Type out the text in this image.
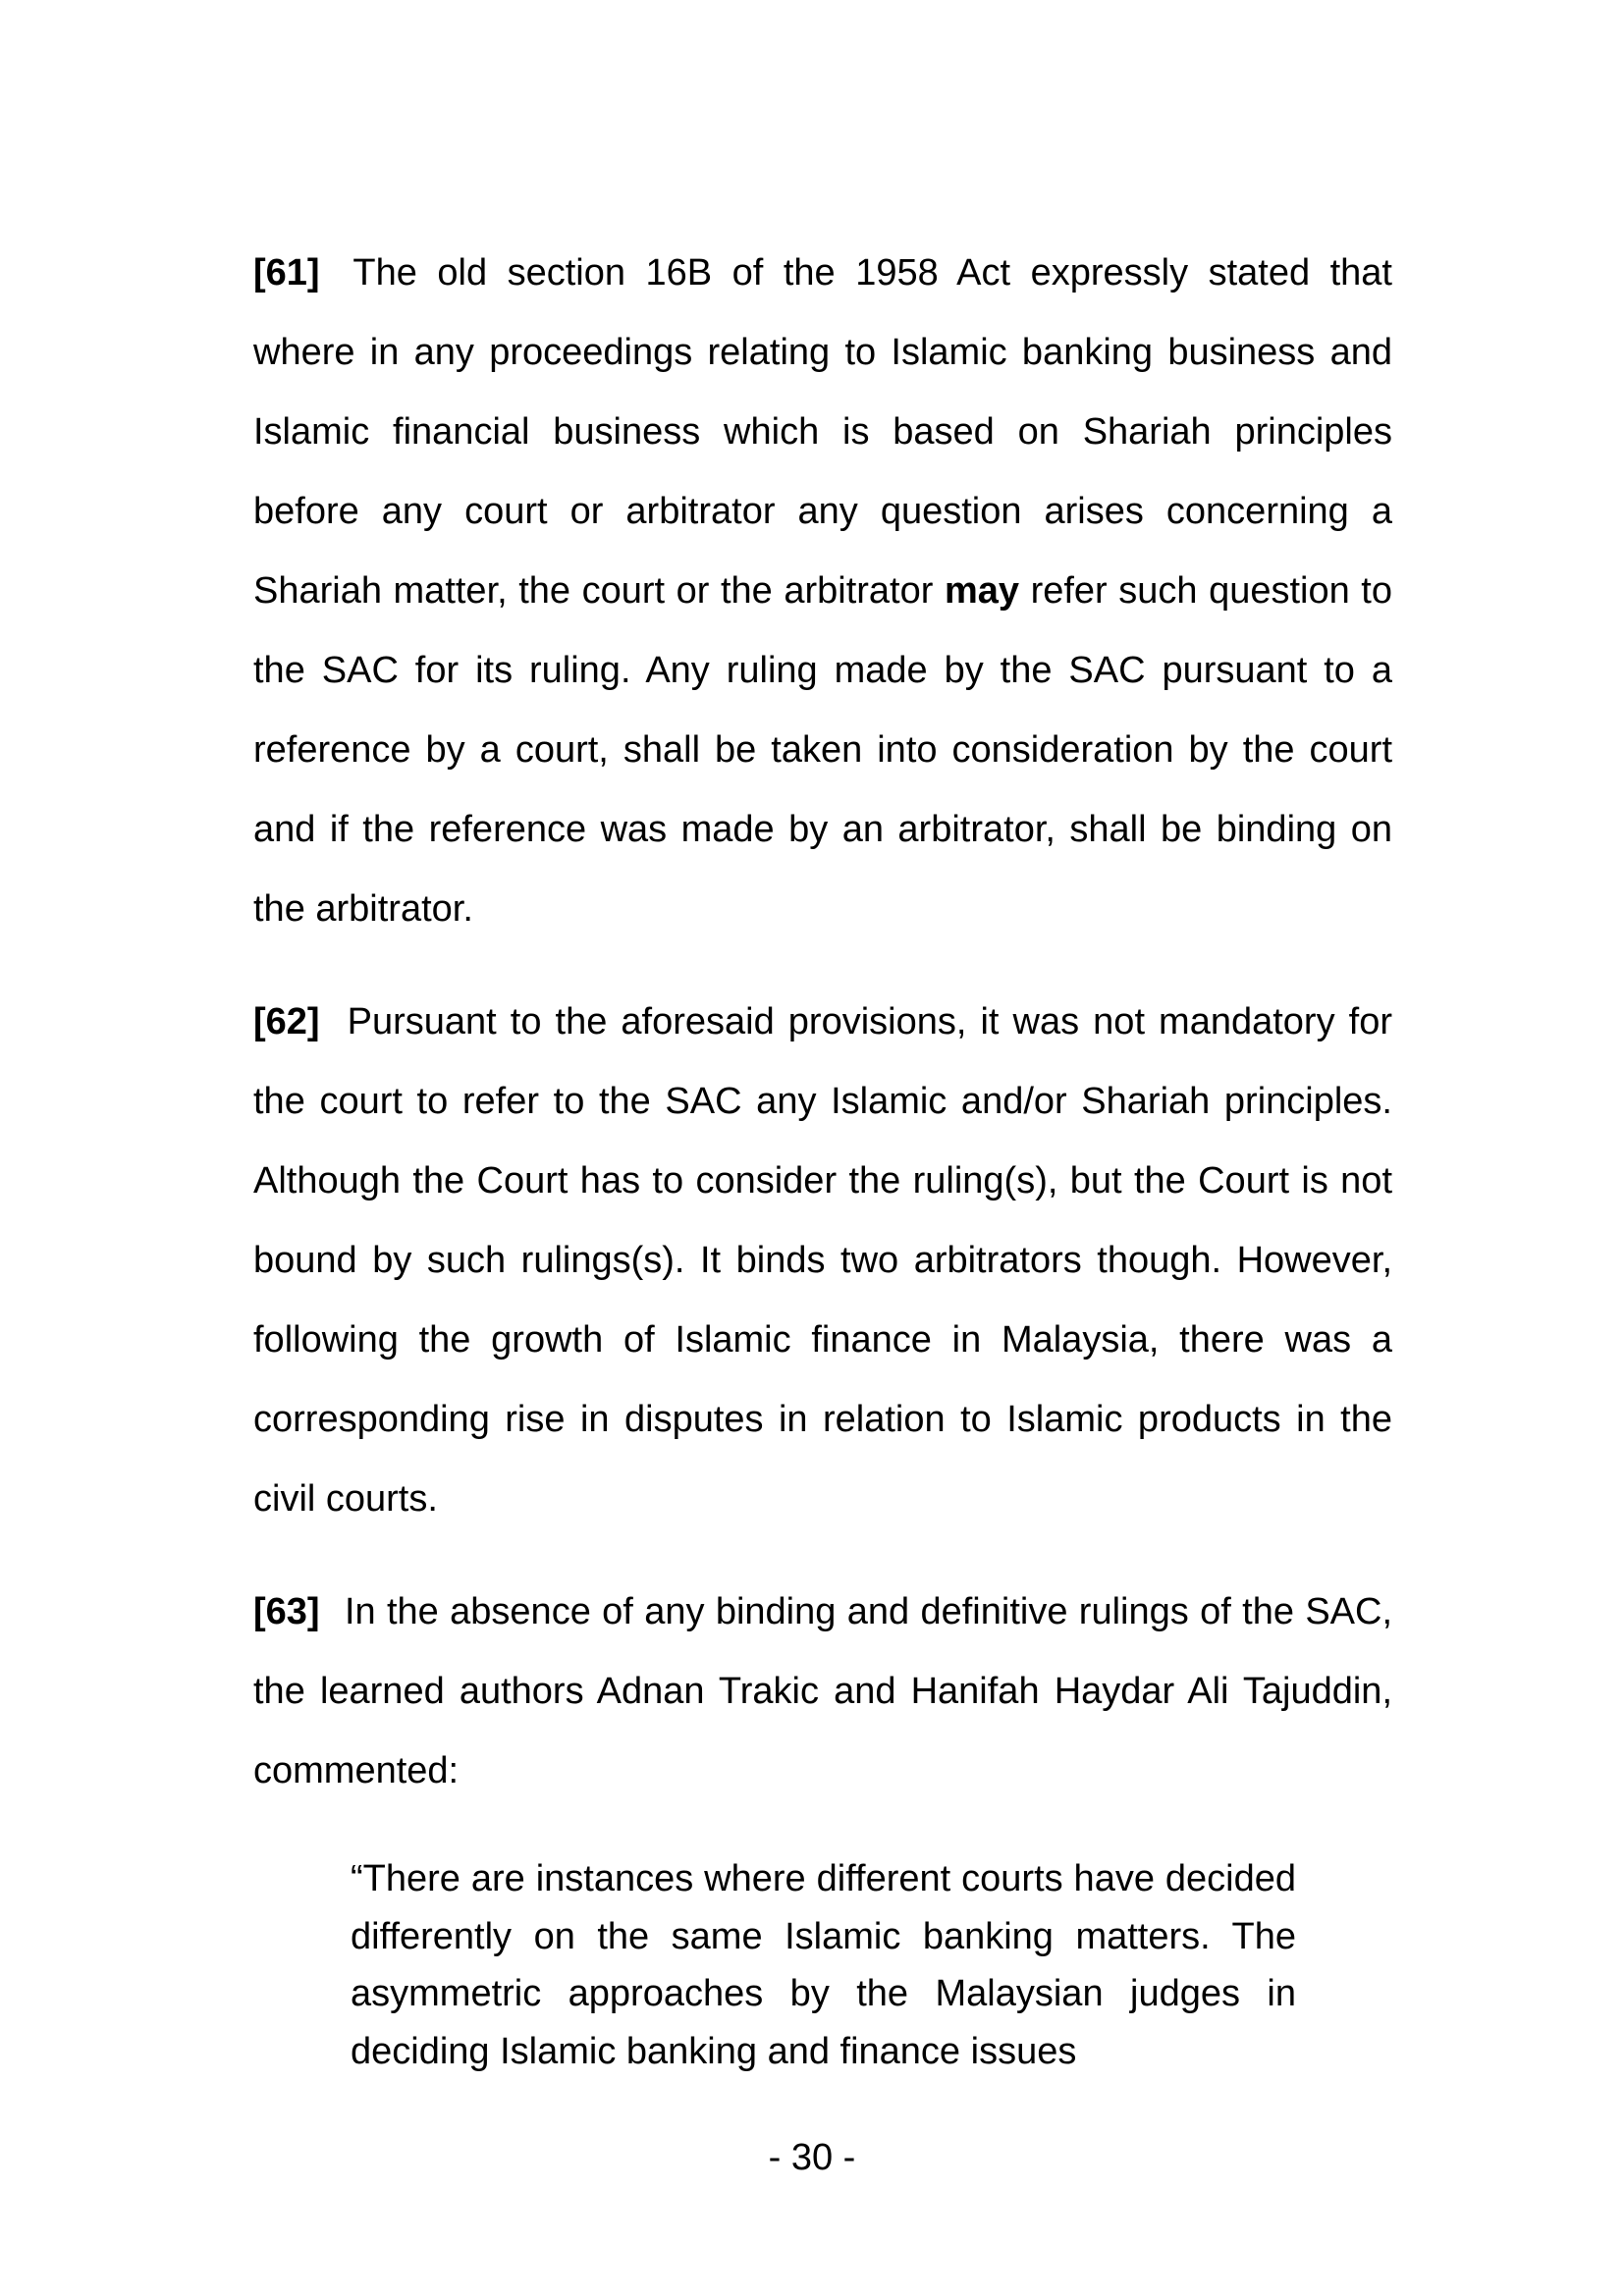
[61] The old section 16B of the 1958 Act expressly stated that where in any proceedings relating to Islamic banking business and Islamic financial business which is based on Shariah principles before any court or arbitrator any question arises concerning a Shariah matter, the court or the arbitrator may refer such question to the SAC for its ruling. Any ruling made by the SAC pursuant to a reference by a court, shall be taken into consideration by the court and if the reference was made by an arbitrator, shall be binding on the arbitrator.

[62] Pursuant to the aforesaid provisions, it was not mandatory for the court to refer to the SAC any Islamic and/or Shariah principles. Although the Court has to consider the ruling(s), but the Court is not bound by such rulings(s). It binds two arbitrators though. However, following the growth of Islamic finance in Malaysia, there was a corresponding rise in disputes in relation to Islamic products in the civil courts.

[63] In the absence of any binding and definitive rulings of the SAC, the learned authors Adnan Trakic and Hanifah Haydar Ali Tajuddin, commented:

“There are instances where different courts have decided differently on the same Islamic banking matters. The asymmetric approaches by the Malaysian judges in deciding Islamic banking and finance issues

- 30 -
